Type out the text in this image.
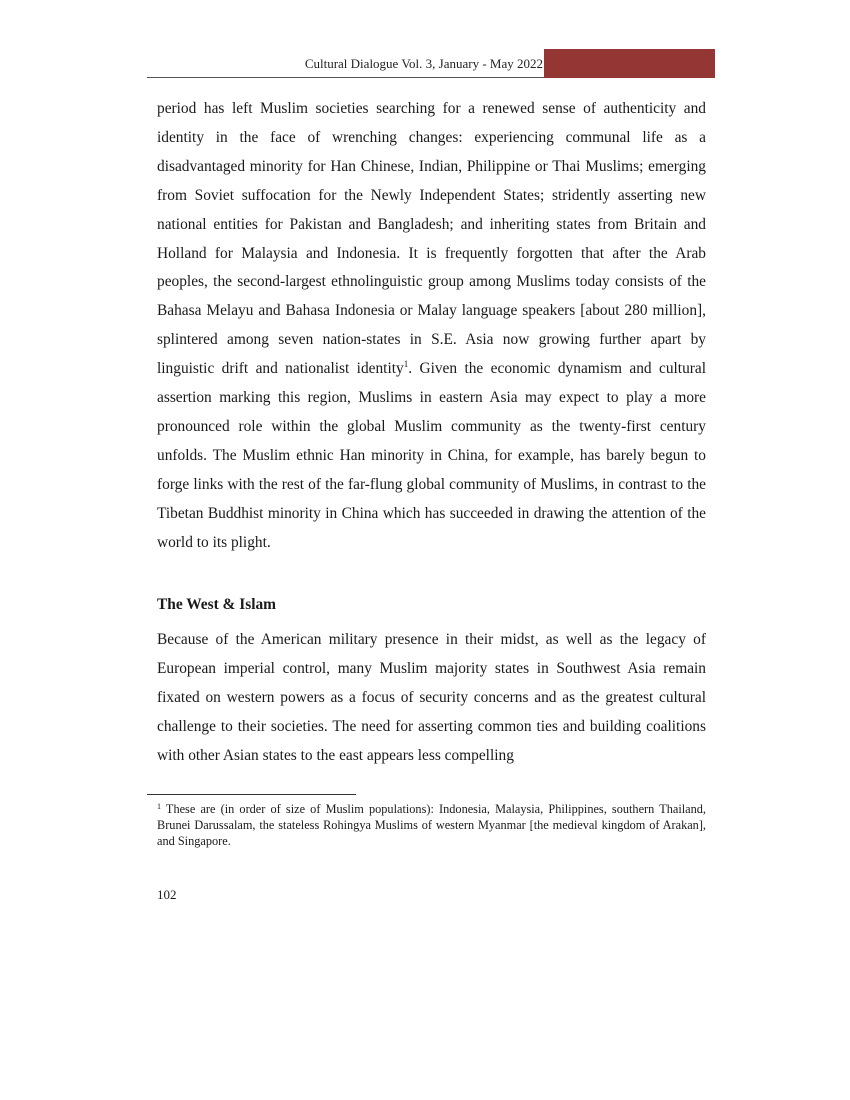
Cultural Dialogue Vol. 3, January - May 2022

period has left Muslim societies searching for a renewed sense of authenticity and identity in the face of wrenching changes: experiencing communal life as a disadvantaged minority for Han Chinese, Indian, Philippine or Thai Muslims; emerging from Soviet suffocation for the Newly Independent States; stridently asserting new national entities for Pakistan and Bangladesh; and inheriting states from Britain and Holland for Malaysia and Indonesia. It is frequently forgotten that after the Arab peoples, the second-largest ethnolinguistic group among Muslims today consists of the Bahasa Melayu and Bahasa Indonesia or Malay language speakers [about 280 million], splintered among seven nation-states in S.E. Asia now growing further apart by linguistic drift and nationalist identity$^1$. Given the economic dynamism and cultural assertion marking this region, Muslims in eastern Asia may expect to play a more pronounced role within the global Muslim community as the twenty-first century unfolds. The Muslim ethnic Han minority in China, for example, has barely begun to forge links with the rest of the far-flung global community of Muslims, in contrast to the Tibetan Buddhist minority in China which has succeeded in drawing the attention of the world to its plight.

The West & Islam

Because of the American military presence in their midst, as well as the legacy of European imperial control, many Muslim majority states in Southwest Asia remain fixated on western powers as a focus of security concerns and as the greatest cultural challenge to their societies. The need for asserting common ties and building coalitions with other Asian states to the east appears less compelling

$^1$ These are (in order of size of Muslim populations): Indonesia, Malaysia, Philippines, southern Thailand, Brunei Darussalam, the stateless Rohingya Muslims of western Myanmar [the medieval kingdom of Arakan], and Singapore.

102
